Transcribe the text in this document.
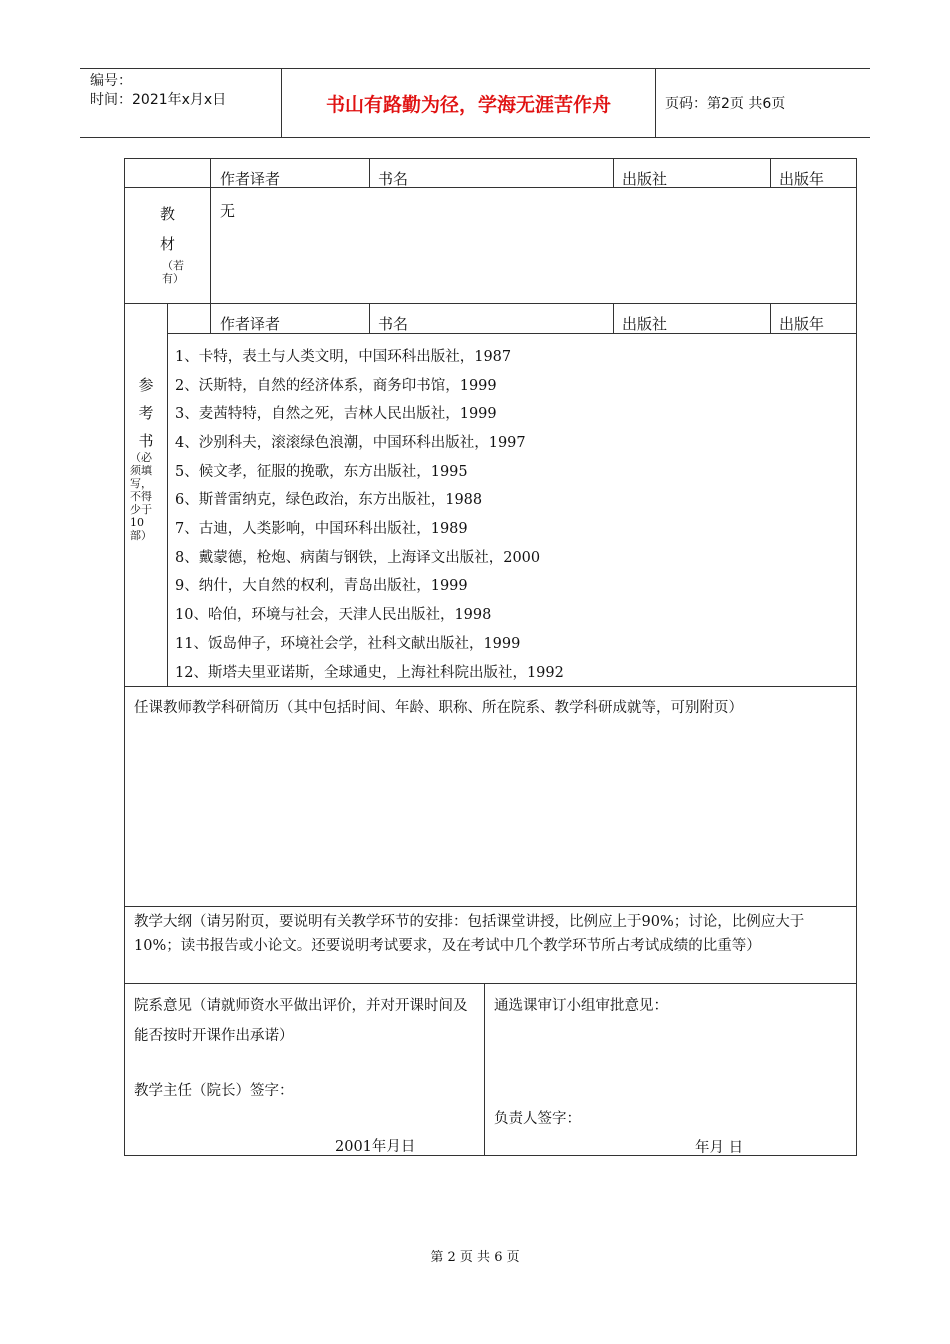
编号：
时间：2021年x月x日	书山有路勤为径，学海无涯苦作舟	页码：第2页 共6页
作者译者	书名	出版社	出版年
教
材
（若有）
无
作者译者	书名	出版社	出版年
参
考
书
（必
须填
写，
不得
少于
10
部）
1、卡特，表土与人类文明，中国环科出版社，1987
2、沃斯特，自然的经济体系，商务印书馆，1999
3、麦茜特特，自然之死，吉林人民出版社，1999
4、沙别科夫，滚滚绿色浪潮，中国环科出版社，1997
5、候文孝，征服的挽歌，东方出版社，1995
6、斯普雷纳克，绿色政治，东方出版社，1988
7、古迪，人类影响，中国环科出版社，1989
8、戴蒙德，枪炮、病菌与钢铁，上海译文出版社，2000
9、纳什，大自然的权利，青岛出版社，1999
10、哈伯，环境与社会，天津人民出版社，1998
11、饭岛伸子，环境社会学，社科文献出版社，1999
12、斯塔夫里亚诺斯，全球通史，上海社科院出版社，1992
任课教师教学科研简历（其中包括时间、年龄、职称、所在院系、教学科研成就等，可别附页）
教学大纲（请另附页，要说明有关教学环节的安排：包括课堂讲授，比例应上于90%；讨论，比例应大于10%；读书报告或小论文。还要说明考试要求，及在考试中几个教学环节所占考试成绩的比重等）
院系意见（请就师资水平做出评价，并对开课时间及能否按时开课作出承诺）
教学主任（院长）签字：
2001年月日
通选课审订小组审批意见：
负责人签字：
年月 日
第 2 页 共 6 页
